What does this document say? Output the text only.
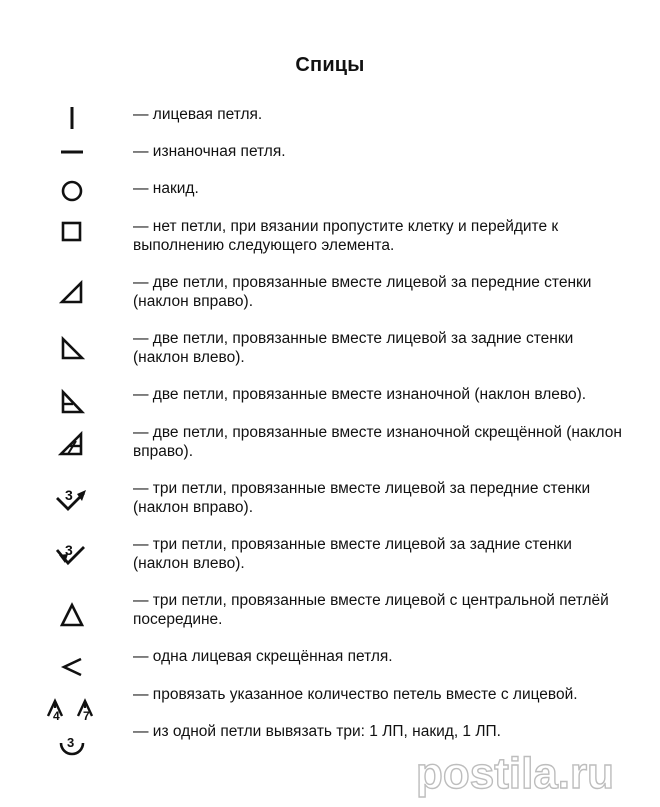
Спицы
— лицевая петля.
— изнаночная петля.
— накид.
— нет петли, при вязании пропустите клетку и перейдите к выполнению следующего элемента.
— две петли, провязанные вместе лицевой за передние стенки (наклон вправо).
— две петли, провязанные вместе лицевой за задние стенки (наклон влево).
— две петли, провязанные вместе изнаночной (наклон влево).
— две петли, провязанные вместе изнаночной скрещённой (наклон вправо).
3	— три петли, провязанные вместе лицевой за передние стенки (наклон вправо).
3	— три петли, провязанные вместе лицевой за задние стенки (наклон влево).
— три петли, провязанные вместе лицевой с центральной петлёй посередине.
— одна лицевая скрещённая петля.
4 7
— провязать указанное количество петель вместе с лицевой.
3
— из одной петли вывязать три: 1 ЛП, накид, 1 ЛП.
postila.ru
